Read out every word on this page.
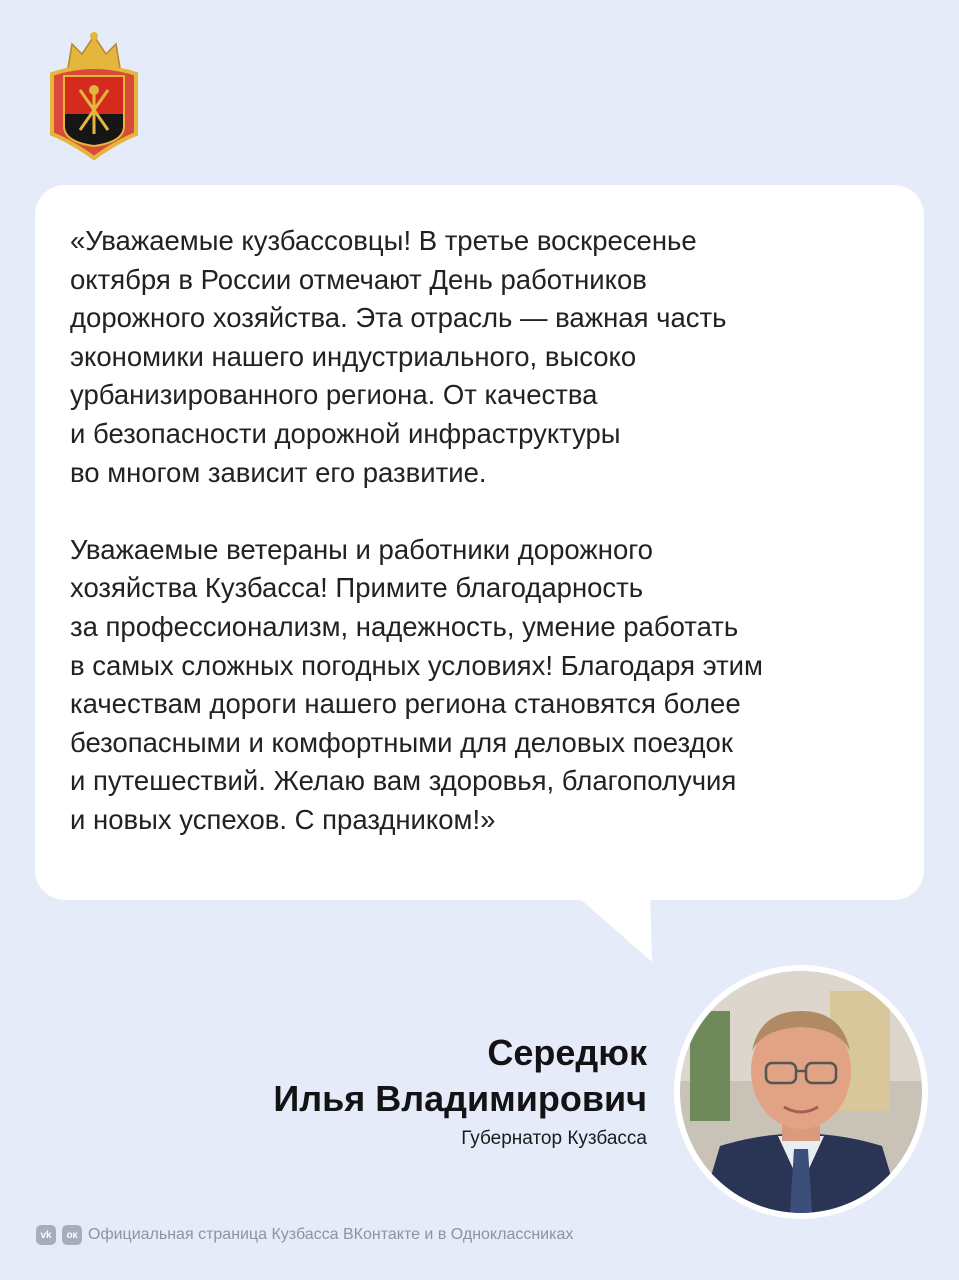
«Уважаемые кузбассовцы! В третье воскресенье
октября в России отмечают День работников
дорожного хозяйства. Эта отрасль — важная часть
экономики нашего индустриального, высоко
урбанизированного региона. От качества
и безопасности дорожной инфраструктуры
во многом зависит его развитие.

Уважаемые ветераны и работники дорожного
хозяйства Кузбасса! Примите благодарность
за профессионализм, надежность, умение работать
в самых сложных погодных условиях! Благодаря этим
качествам дороги нашего региона становятся более
безопасными и комфортными для деловых поездок
и путешествий. Желаю вам здоровья, благополучия
и новых успехов. С праздником!»

Середюк
Илья Владимирович
Губернатор Кузбасса
vk	ок Официальная страница Кузбасса ВКонтакте и в Одноклассниках
